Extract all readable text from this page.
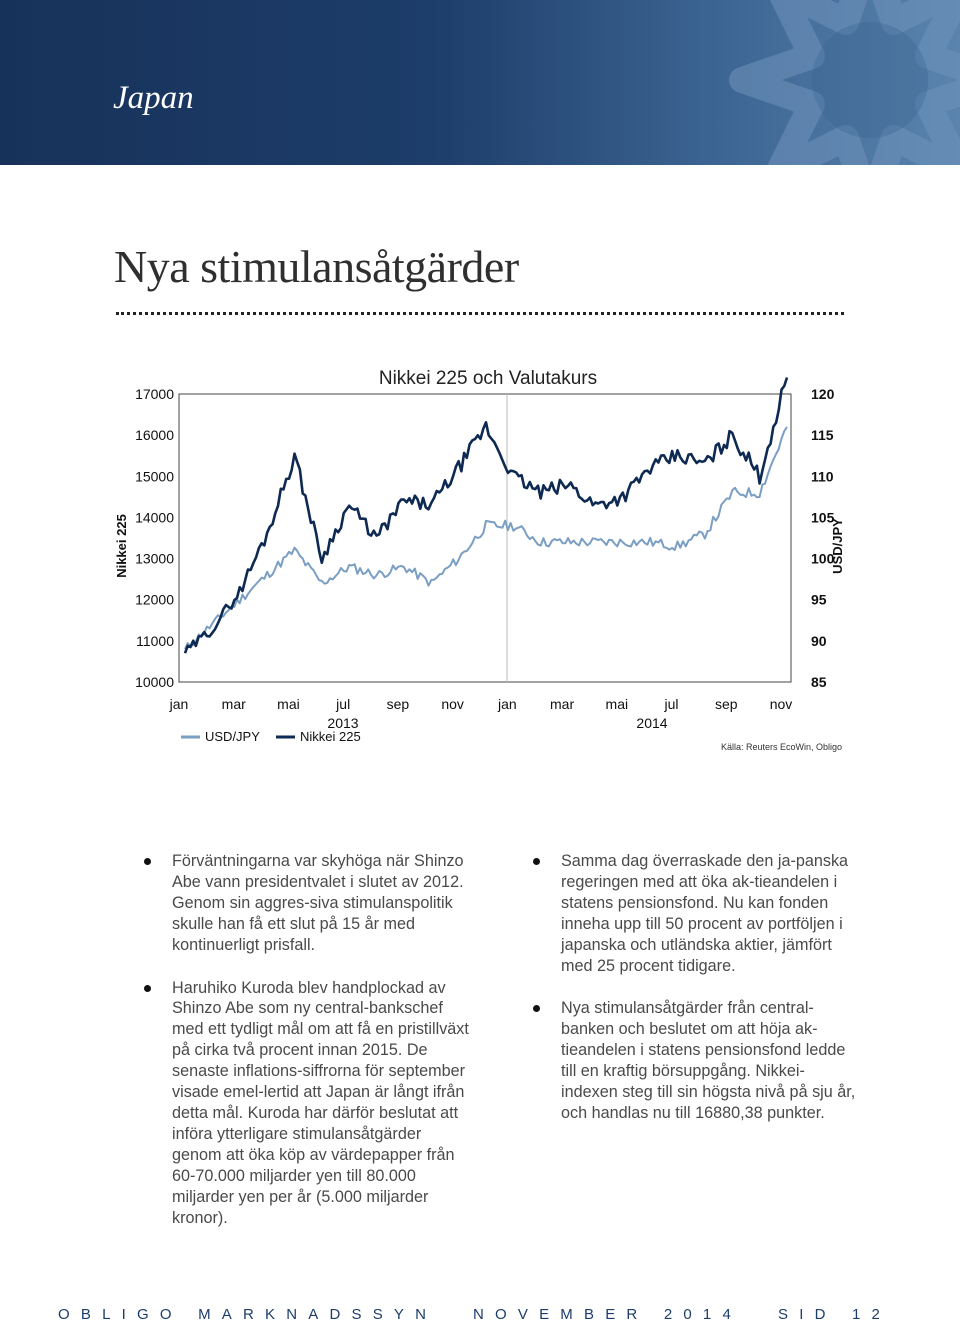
Japan
Nya stimulansåtgärder
Nikkei 225 och Valutakurs
17000
16000
15000
14000
13000
12000
11000
10000
120
115
110
105
100
95
90
85
Nikkei 225	USD/JPY
jan mar mai	jul	sep nov jan mar mai	jul	sep nov
2013	2014
USD/JPY	Nikkei 225
Källa: Reuters EcoWin, Obligo
Förväntningarna var skyhöga när Shinzo Abe vann presidentvalet i slutet av 2012. Genom sin aggres-siva stimulanspolitik skulle han få ett slut på 15 år med kontinuerligt prisfall.
Haruhiko Kuroda blev handplockad av Shinzo Abe som ny central-bankschef med ett tydligt mål om att få en pristillväxt på cirka två procent innan 2015. De senaste inflations-siffrorna för september visade emel-lertid att Japan är långt ifrån detta mål. Kuroda har därför beslutat att införa ytterligare stimulansåtgärder genom att öka köp av värdepapper från 60-70.000 miljarder yen till 80.000 miljarder yen per år (5.000 miljarder kronor).
Samma dag överraskade den ja-panska regeringen med att öka ak-tieandelen i statens pensionsfond. Nu kan fonden inneha upp till 50 procent av portföljen i japanska och utländska aktier, jämfört med 25 procent tidigare.
Nya stimulansåtgärder från central-banken och beslutet om att höja ak-tieandelen i statens pensionsfond ledde till en kraftig börsuppgång. Nikkei-indexen steg till sin högsta nivå på sju år, och handlas nu till 16880,38 punkter.
OBLIGO MARKNADSSYN NOVEMBER 2014 SID 12
